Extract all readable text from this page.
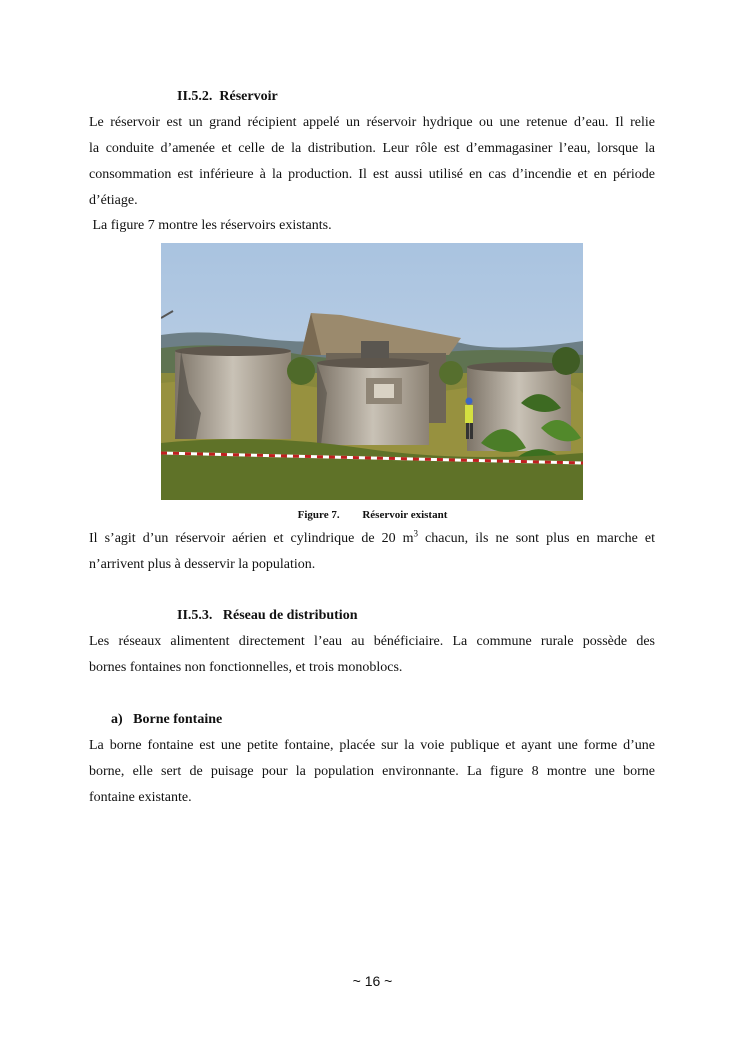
II.5.2. Réservoir
Le réservoir est un grand récipient appelé un réservoir hydrique ou une retenue d’eau. Il relie
la conduite d’amenée et celle de la distribution. Leur rôle est d’emmagasiner l’eau, lorsque la
consommation est inférieure à la production. Il est aussi utilisé en cas d’incendie et en période
d’étiage.
La figure 7 montre les réservoirs existants.
Figure 7. Réservoir existant
Il s’agit d’un réservoir aérien et cylindrique de 20 $m^3$ chacun, ils ne sont plus en marche et
n’arrivent plus à desservir la population.
II.5.3. Réseau de distribution
Les réseaux alimentent directement l’eau au bénéficiaire. La commune rurale possède des
bornes fontaines non fonctionnelles, et trois monoblocs.
a) Borne fontaine
La borne fontaine est une petite fontaine, placée sur la voie publique et ayant une forme d’une
borne, elle sert de puisage pour la population environnante. La figure 8 montre une borne
fontaine existante.
~ 16 ~
